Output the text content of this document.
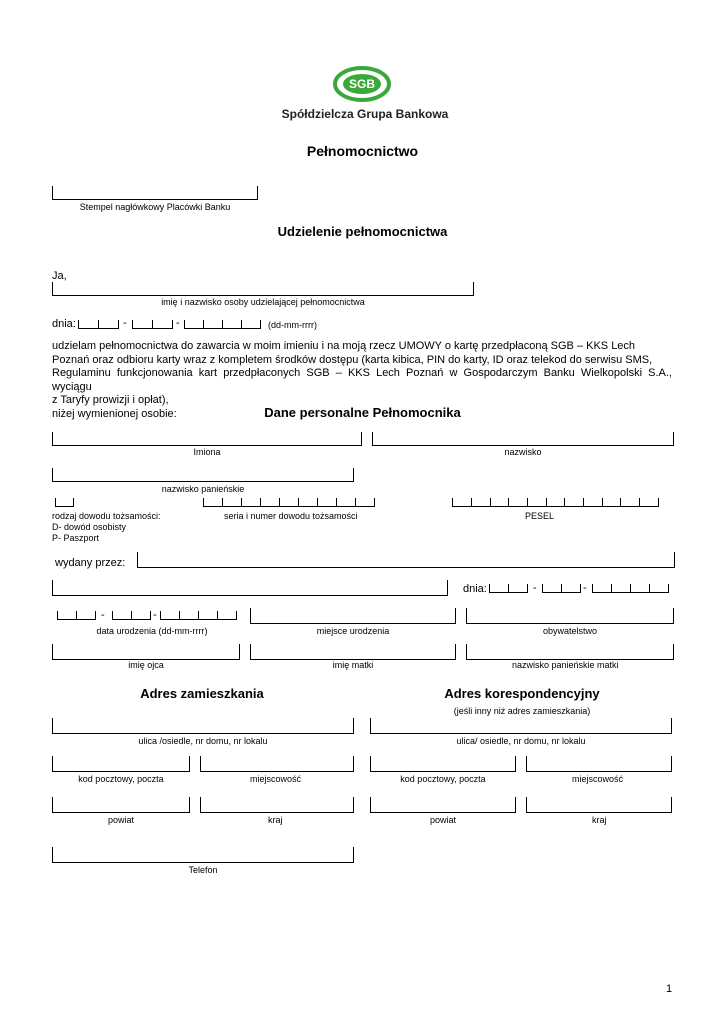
SGB
Spółdzielcza Grupa Bankowa
Pełnomocnictwo
Stempel nagłówkowy Placówki Banku
Udzielenie pełnomocnictwa
Ja,
imię i nazwisko osoby udzielającej pełnomocnictwa
dnia:	-	-	(dd-mm-rrrr)
udzielam pełnomocnictwa do zawarcia w moim imieniu i na moją rzecz UMOWY o kartę przedpłaconą SGB – KKS Lech
Poznań oraz odbioru karty wraz z kompletem środków dostępu (karta kibica, PIN do karty, ID oraz telekod do serwisu SMS,
Regulaminu funkcjonowania kart przedpłaconych SGB – KKS Lech Poznań w Gospodarczym Banku Wielkopolski S.A., wyciągu
z Taryfy prowizji i opłat),
niżej wymienionej osobie:	Dane personalne Pełnomocnika
Imiona	nazwisko
nazwisko panieńskie
rodzaj dowodu tożsamości:	seria i numer dowodu tożsamości	PESEL
D- dowód osobisty
P- Paszport
wydany przez:
dnia:	-	-
-	-
data urodzenia (dd-mm-rrrr)	miejsce urodzenia	obywatelstwo
imię ojca	imię matki	nazwisko panieńskie matki
Adres zamieszkania	Adres korespondencyjny
(jeśli inny niż adres zamieszkania)
ulica /osiedle, nr domu, nr lokalu	ulica/ osiedle, nr domu, nr lokalu
kod pocztowy, poczta	miejscowość	kod pocztowy, poczta	miejscowość
powiat	kraj	powiat	kraj
Telefon
1
